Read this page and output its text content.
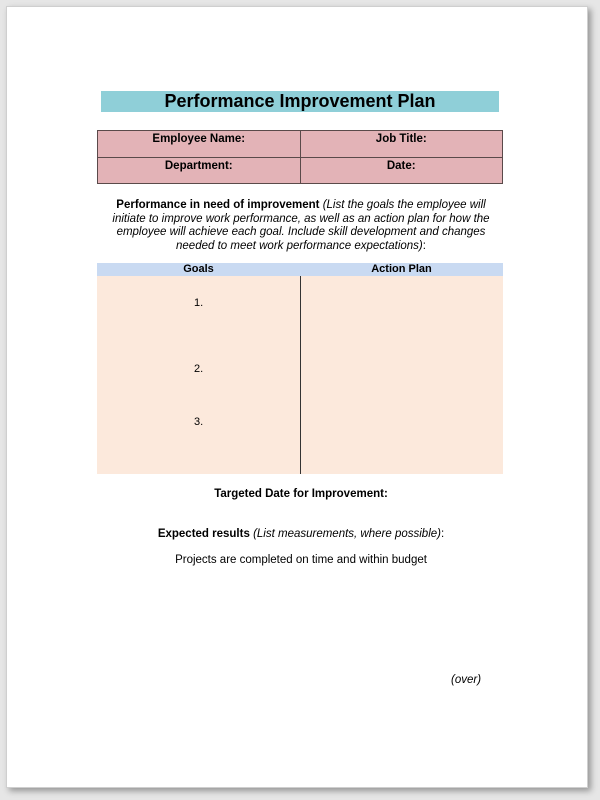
Performance Improvement Plan
Employee Name:	Job Title:
Department:	Date:
Performance in need of improvement (List the goals the employee will initiate to improve work performance, as well as an action plan for how the employee will achieve each goal. Include skill development and changes needed to meet work performance expectations):
Goals	Action Plan

1.
2.
3.	

Targeted Date for Improvement:
Expected results (List measurements, where possible):
Projects are completed on time and within budget
(over)
